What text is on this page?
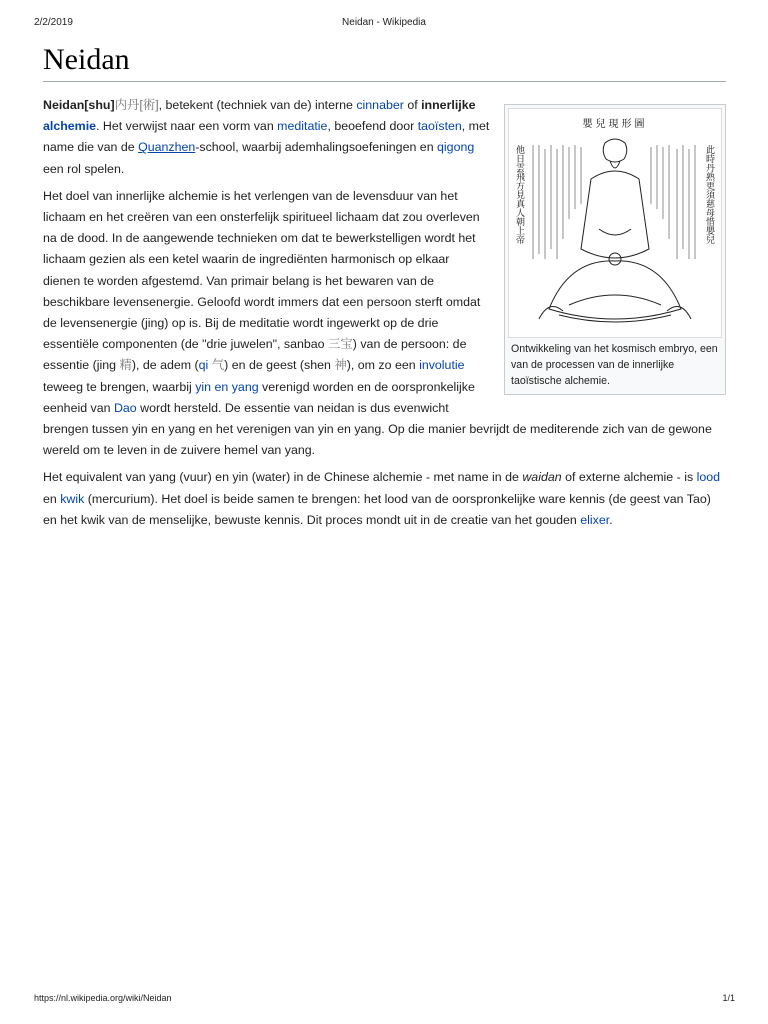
2/2/2019	Neidan - Wikipedia
Neidan
嬰兒現形圖
此時丹熟更須慈母惜嬰兒
他日雲飛方見真人朝上帝
Ontwikkeling van het kosmisch embryo, een van de processen van de innerlijke taoïstische alchemie.

Neidan[shu]内丹[術], betekent (techniek van de) interne cinnaber of innerlijke alchemie. Het verwijst naar een vorm van meditatie, beoefend door taoïsten, met name die van de Quanzhen-school, waarbij ademhalingsoefeningen en qigong een rol spelen.

Het doel van innerlijke alchemie is het verlengen van de levensduur van het lichaam en het creëren van een onsterfelijk spiritueel lichaam dat zou overleven na de dood. In de aangewende technieken om dat te bewerkstelligen wordt het lichaam gezien als een ketel waarin de ingrediënten harmonisch op elkaar dienen te worden afgestemd. Van primair belang is het bewaren van de beschikbare levensenergie. Geloofd wordt immers dat een persoon sterft omdat de levensenergie (jing) op is. Bij de meditatie wordt ingewerkt op de drie essentiële componenten (de "drie juwelen", sanbao 三宝) van de persoon: de essentie (jing 精), de adem (qi 气) en de geest (shen 神), om zo een involutie teweeg te brengen, waarbij yin en yang verenigd worden en de oorspronkelijke eenheid van Dao wordt hersteld. De essentie van neidan is dus evenwicht brengen tussen yin en yang en het verenigen van yin en yang. Op die manier bevrijdt de mediterende zich van de gewone wereld om te leven in de zuivere hemel van yang.

Het equivalent van yang (vuur) en yin (water) in de Chinese alchemie - met name in de waidan of externe alchemie - is lood en kwik (mercurium). Het doel is beide samen te brengen: het lood van de oorspronkelijke ware kennis (de geest van Tao) en het kwik van de menselijke, bewuste kennis. Dit proces mondt uit in de creatie van het gouden elixer.

https://nl.wikipedia.org/wiki/Neidan	1/1
